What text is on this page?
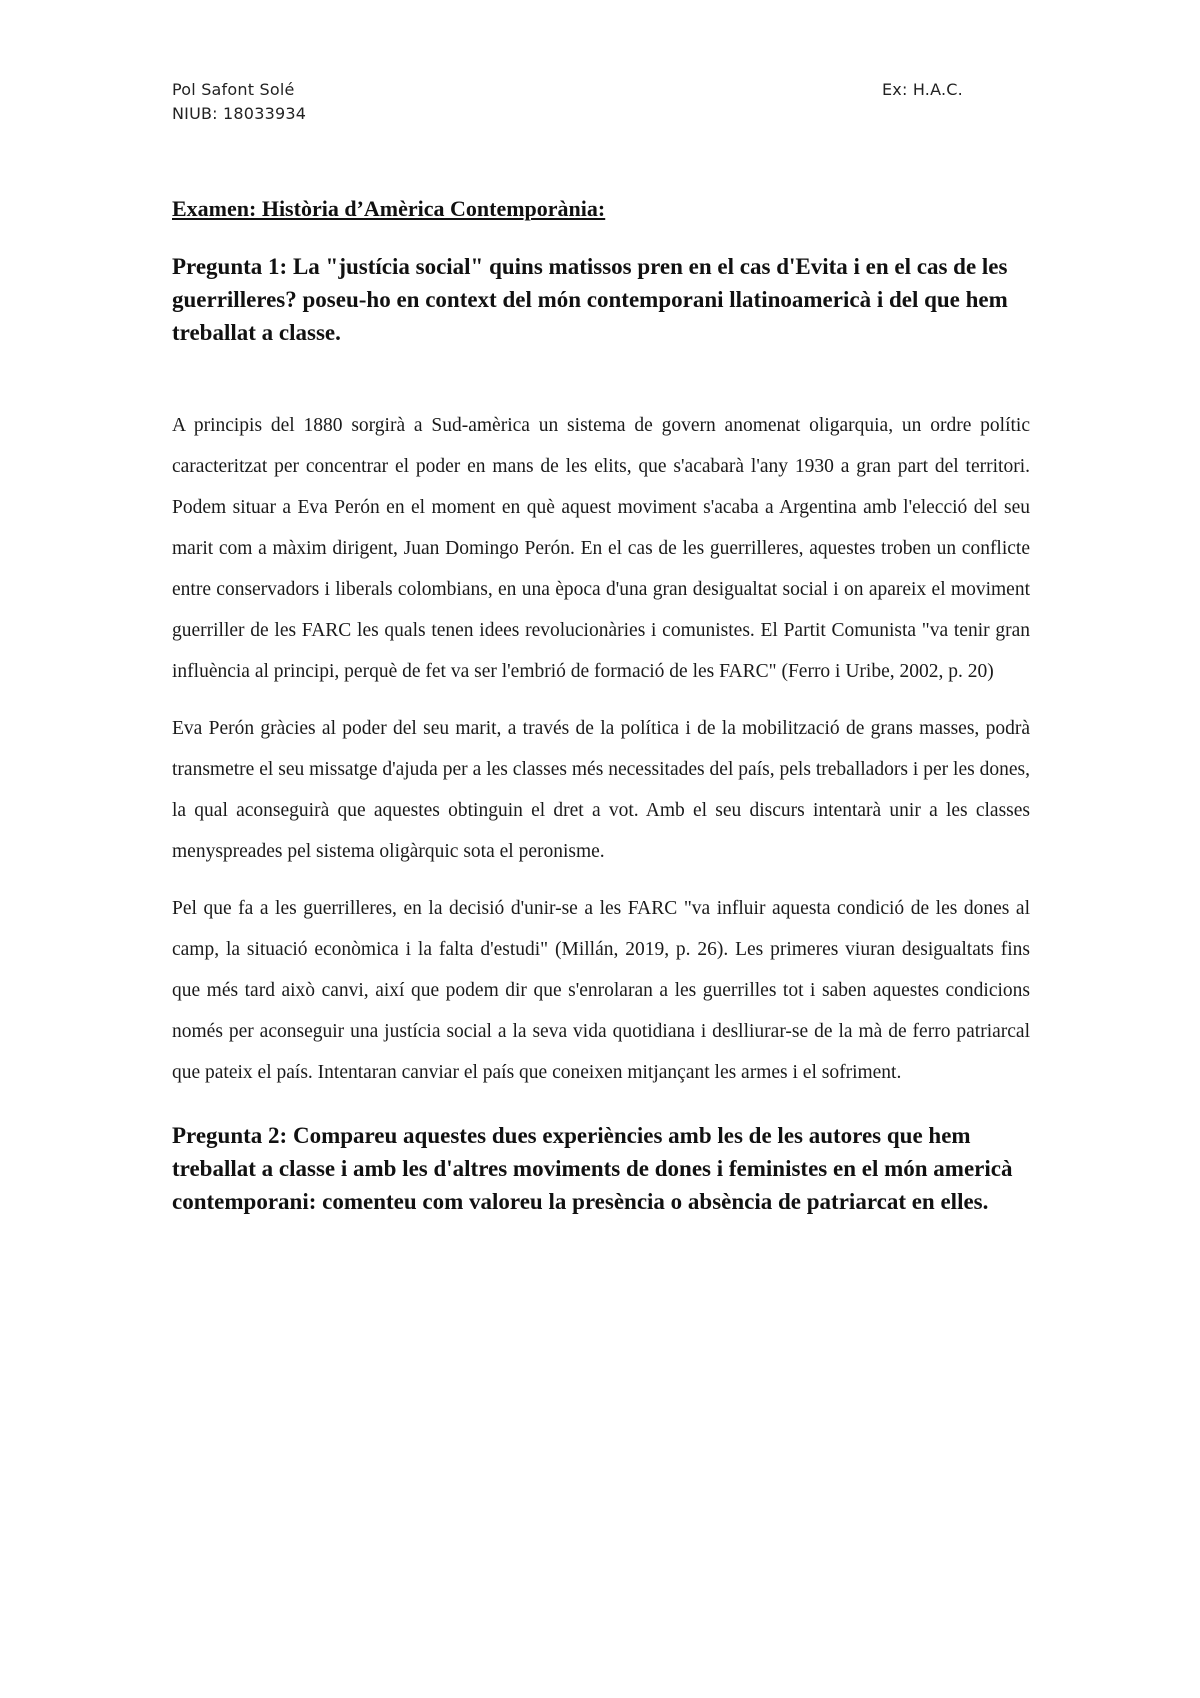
Pol Safont Solé
NIUB: 18033934
Ex: H.A.C.
Examen: Història d’Amèrica Contemporània:

Pregunta 1: La "justícia social" quins matissos pren en el cas d'Evita i en el cas de les guerrilleres? poseu-ho en context del món contemporani llatinoamericà i del que hem treballat a classe.

A principis del 1880 sorgirà a Sud-amèrica un sistema de govern anomenat oligarquia, un ordre polític caracteritzat per concentrar el poder en mans de les elits, que s'acabarà l'any 1930 a gran part del territori. Podem situar a Eva Perón en el moment en què aquest moviment s'acaba a Argentina amb l'elecció del seu marit com a màxim dirigent, Juan Domingo Perón. En el cas de les guerrilleres, aquestes troben un conflicte entre conservadors i liberals colombians, en una època d'una gran desigualtat social i on apareix el moviment guerriller de les FARC les quals tenen idees revolucionàries i comunistes. El Partit Comunista "va tenir gran influència al principi, perquè de fet va ser l'embrió de formació de les FARC" (Ferro i Uribe, 2002, p. 20)

Eva Perón gràcies al poder del seu marit, a través de la política i de la mobilització de grans masses, podrà transmetre el seu missatge d'ajuda per a les classes més necessitades del país, pels treballadors i per les dones, la qual aconseguirà que aquestes obtinguin el dret a vot. Amb el seu discurs intentarà unir a les classes menyspreades pel sistema oligàrquic sota el peronisme.

Pel que fa a les guerrilleres, en la decisió d'unir-se a les FARC "va influir aquesta condició de les dones al camp, la situació econòmica i la falta d'estudi" (Millán, 2019, p. 26). Les primeres viuran desigualtats fins que més tard això canvi, així que podem dir que s'enrolaran a les guerrilles tot i saben aquestes condicions només per aconseguir una justícia social a la seva vida quotidiana i deslliurar-se de la mà de ferro patriarcal que pateix el país. Intentaran canviar el país que coneixen mitjançant les armes i el sofriment.

Pregunta 2: Compareu aquestes dues experiències amb les de les autores que hem treballat a classe i amb les d'altres moviments de dones i feministes en el món americà contemporani: comenteu com valoreu la presència o absència de patriarcat en elles.
